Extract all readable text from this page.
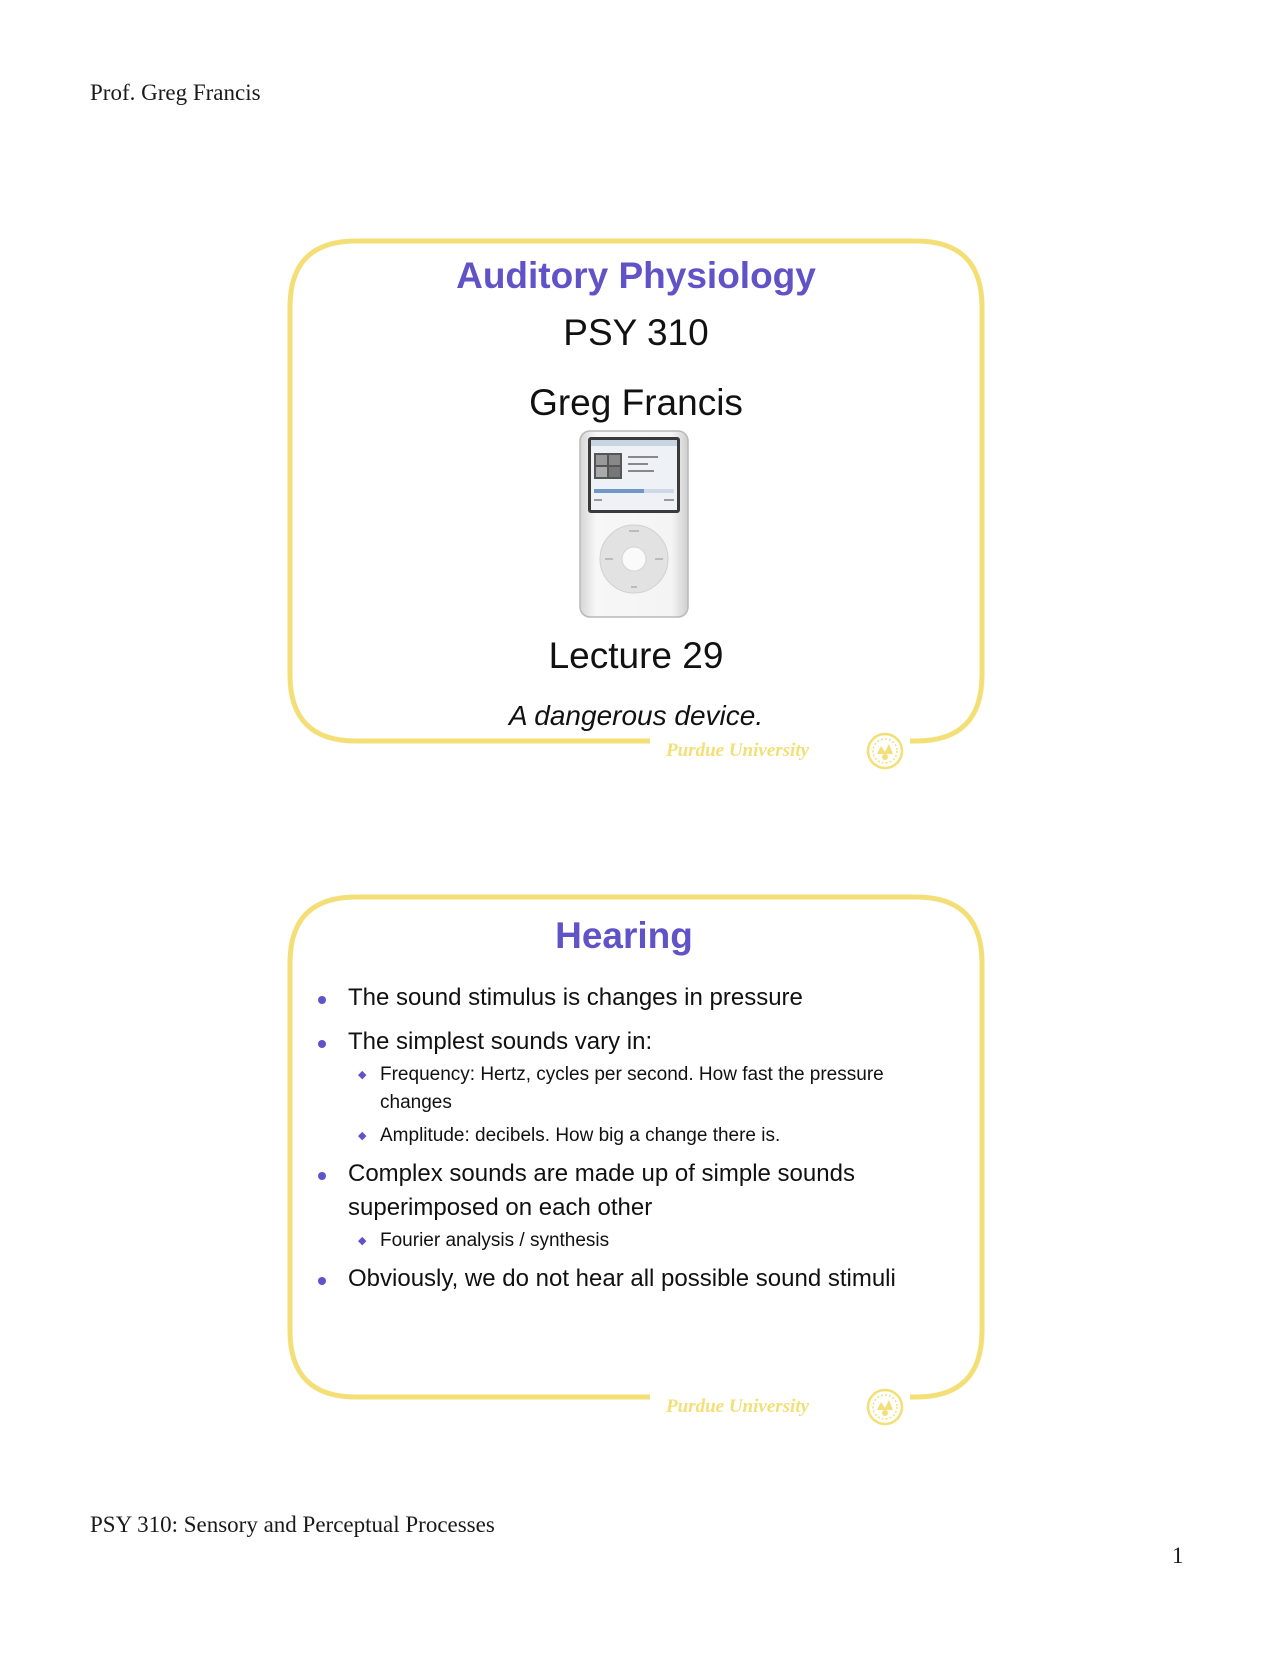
Prof. Greg Francis
Auditory Physiology
PSY 310
Greg Francis
Lecture 29
A dangerous device.
Purdue University
Hearing
The sound stimulus is changes in pressure
The simplest sounds vary in:
◆ Frequency: Hertz, cycles per second. How fast the pressure changes
◆ Amplitude: decibels. How big a change there is.
Complex sounds are made up of simple sounds superimposed on each other
◆ Fourier analysis / synthesis
Obviously, we do not hear all possible sound stimuli
Purdue University
PSY 310: Sensory and Perceptual Processes
1
